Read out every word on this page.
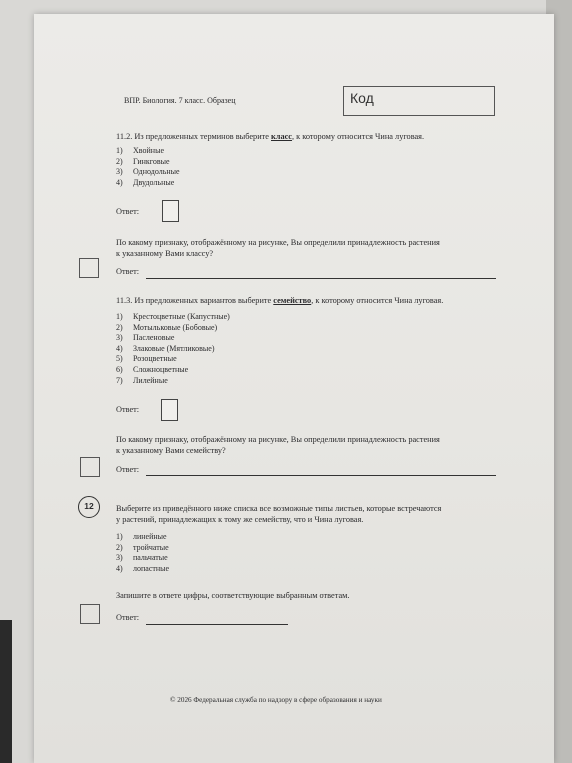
ВПР. Биология. 7 класс. Образец	Код
11.2. Из предложенных терминов выберите класс, к которому относится Чина луговая.
1) Хвойные
2) Гинкговые
3) Однодольные
4) Двудольные
Ответ:
По какому признаку, отображённому на рисунке, Вы определили принадлежность растения
к указанному Вами классу?
Ответ:
11.3. Из предложенных вариантов выберите семейство, к которому относится Чина луговая.
1) Крестоцветные (Капустные)
2) Мотыльковые (Бобовые)
3) Пасленовые
4) Злаковые (Мятликовые)
5) Розоцветные
6) Сложноцветные
7) Лилейные
Ответ:
По какому признаку, отображённому на рисунке, Вы определили принадлежность растения
к указанному Вами семейству?
Ответ:
12	Выберите из приведённого ниже списка все возможные типы листьев, которые встречаются
у растений, принадлежащих к тому же семейству, что и Чина луговая.
1) линейные
2) тройчатые
3) пальчатые
4) лопастные
Запишите в ответе цифры, соответствующие выбранным ответам.
Ответ:
© 2026 Федеральная служба по надзору в сфере образования и науки
